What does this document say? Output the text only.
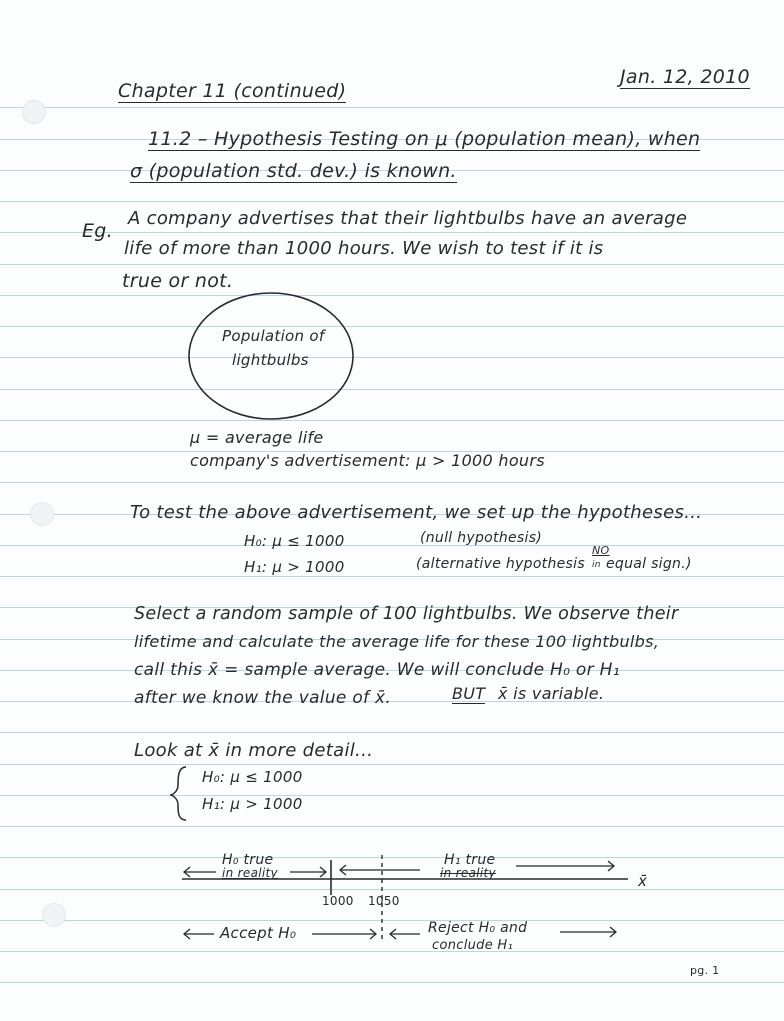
Chapter 11 (continued)
Jan. 12, 2010
11.2 – Hypothesis Testing on μ (population mean), when
σ (population std. dev.) is known.
Eg.
A company advertises that their lightbulbs have an average
life of more than 1000 hours. We wish to test if it is
true or not.
Population of
lightbulbs
μ = average life
company's advertisement: μ > 1000 hours
To test the above advertisement, we set up the hypotheses...
H₀: μ ≤ 1000	(null hypothesis)
H₁: μ > 1000	(alternative hypothesis
NO
in equal sign.)
Select a random sample of 100 lightbulbs. We observe their
lifetime and calculate the average life for these 100 lightbulbs,
call this x̄ = sample average. We will conclude H₀ or H₁
after we know the value of x̄.	BUT x̄ is variable.
Look at x̄ in more detail...
H₀: μ ≤ 1000
H₁: μ > 1000
H₀ true
in reality
H₁ true
in reality	x̄
1000 1050
Accept H₀	Reject H₀ and
conclude H₁
pg. 1
